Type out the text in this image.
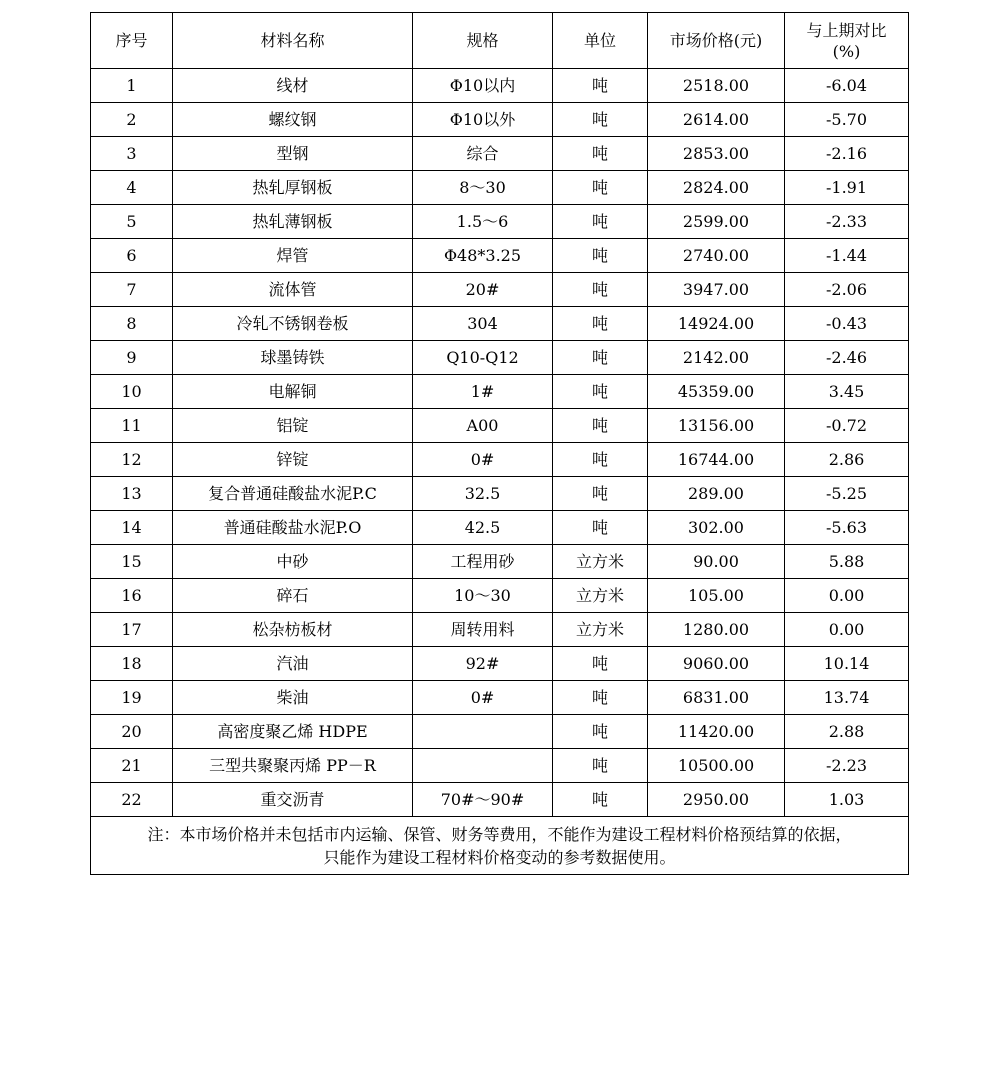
序号	材料名称	规格	单位	市场价格(元)	与上期对比
(%)

1	线材	Φ10以内	吨	2518.00	-6.04
2	螺纹钢	Φ10以外	吨	2614.00	-5.70
3	型钢	综合	吨	2853.00	-2.16
4	热轧厚钢板	8～30	吨	2824.00	-1.91
5	热轧薄钢板	1.5～6	吨	2599.00	-2.33
6	焊管	Φ48*3.25	吨	2740.00	-1.44
7	流体管	20#	吨	3947.00	-2.06
8	冷轧不锈钢卷板	304	吨	14924.00	-0.43
9	球墨铸铁	Q10-Q12	吨	2142.00	-2.46
10	电解铜	1#	吨	45359.00	3.45
11	铝锭	A00	吨	13156.00	-0.72
12	锌锭	0#	吨	16744.00	2.86
13	复合普通硅酸盐水泥P.C	32.5	吨	289.00	-5.25
14	普通硅酸盐水泥P.O	42.5	吨	302.00	-5.63
15	中砂	工程用砂	立方米	90.00	5.88
16	碎石	10～30	立方米	105.00	0.00
17	松杂枋板材	周转用料	立方米	1280.00	0.00
18	汽油	92#	吨	9060.00	10.14
19	柴油	0#	吨	6831.00	13.74
20	高密度聚乙烯 HDPE		吨	11420.00	2.88
21	三型共聚聚丙烯 PP－R		吨	10500.00	-2.23
22	重交沥青	70#～90#	吨	2950.00	1.03

注：本市场价格并未包括市内运输、保管、财务等费用，不能作为建设工程材料价格预结算的依据，
只能作为建设工程材料价格变动的参考数据使用。					
